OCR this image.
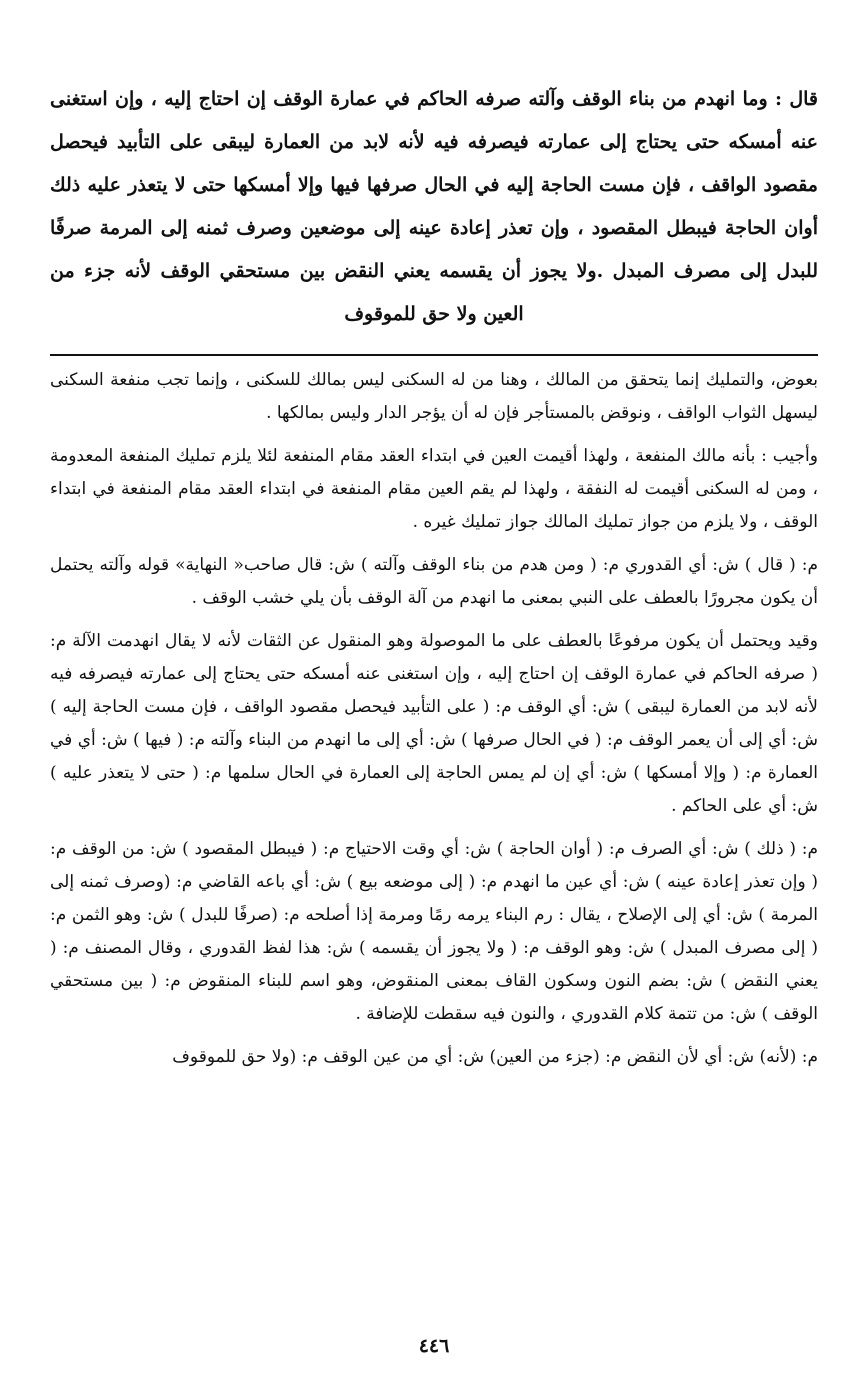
قال : وما انهدم من بناء الوقف وآلته صرفه الحاكم في عمارة الوقف إن احتاج إليه ، وإن استغنى عنه أمسكه حتى يحتاج إلى عمارته فيصرفه فيه لأنه لابد من العمارة ليبقى على التأبيد فيحصل مقصود الواقف ، فإن مست الحاجة إليه في الحال صرفها فيها وإلا أمسكها حتى لا يتعذر عليه ذلك أوان الحاجة فيبطل المقصود ، وإن تعذر إعادة عينه إلى موضعين وصرف ثمنه إلى المرمة صرفًا للبدل إلى مصرف المبدل .ولا يجوز أن يقسمه يعني النقض بين مستحقي الوقف لأنه جزء من العين ولا حق للموقوف

بعوض، والتمليك إنما يتحقق من المالك ، وهنا من له السكنى ليس بمالك للسكنى ، وإنما تجب منفعة السكنى ليسهل الثواب الواقف ، ونوقض بالمستأجر فإن له أن يؤجر الدار وليس بمالكها .

وأجيب : بأنه مالك المنفعة ، ولهذا أقيمت العين في ابتداء العقد مقام المنفعة لئلا يلزم تمليك المنفعة المعدومة ، ومن له السكنى أقيمت له النفقة ، ولهذا لم يقم العين مقام المنفعة في ابتداء العقد مقام المنفعة في ابتداء الوقف ، ولا يلزم من جواز تمليك المالك جواز تمليك غيره .

م: ( قال ) ش: أي القدوري م: ( ومن هدم من بناء الوقف وآلته ) ش: قال صاحب« النهاية» قوله وآلته يحتمل أن يكون مجرورًا بالعطف على النبي بمعنى ما انهدم من آلة الوقف بأن يلي خشب الوقف .

وقيد ويحتمل أن يكون مرفوعًا بالعطف على ما الموصولة وهو المنقول عن الثقات لأنه لا يقال انهدمت الآلة م: ( صرفه الحاكم في عمارة الوقف إن احتاج إليه ، وإن استغنى عنه أمسكه حتى يحتاج إلى عمارته فيصرفه فيه لأنه لابد من العمارة ليبقى ) ش: أي الوقف م: ( على التأبيد فيحصل مقصود الواقف ، فإن مست الحاجة إليه ) ش: أي إلى أن يعمر الوقف م: ( في الحال صرفها ) ش: أي إلى ما انهدم من البناء وآلته م: ( فيها ) ش: أي في العمارة م: ( وإلا أمسكها ) ش: أي إن لم يمس الحاجة إلى العمارة في الحال سلمها م: ( حتى لا يتعذر عليه ) ش: أي على الحاكم .

م: ( ذلك ) ش: أي الصرف م: ( أوان الحاجة ) ش: أي وقت الاحتياج م: ( فيبطل المقصود ) ش: من الوقف م: ( وإن تعذر إعادة عينه ) ش: أي عين ما انهدم م: ( إلى موضعه بيع ) ش: أي باعه القاضي م: (وصرف ثمنه إلى المرمة ) ش: أي إلى الإصلاح ، يقال : رم البناء يرمه رمًا ومرمة إذا أصلحه م: (صرفًا للبدل ) ش: وهو الثمن م: ( إلى مصرف المبدل ) ش: وهو الوقف م: ( ولا يجوز أن يقسمه ) ش: هذا لفظ القدوري ، وقال المصنف م: ( يعني النقض ) ش: بضم النون وسكون القاف بمعنى المنقوض، وهو اسم للبناء المنقوض م: ( بين مستحقي الوقف ) ش: من تتمة كلام القدوري ، والنون فيه سقطت للإضافة .

م: (لأنه) ش: أي لأن النقض م: (جزء من العين) ش: أي من عين الوقف م: (ولا حق للموقوف

٤٤٦
